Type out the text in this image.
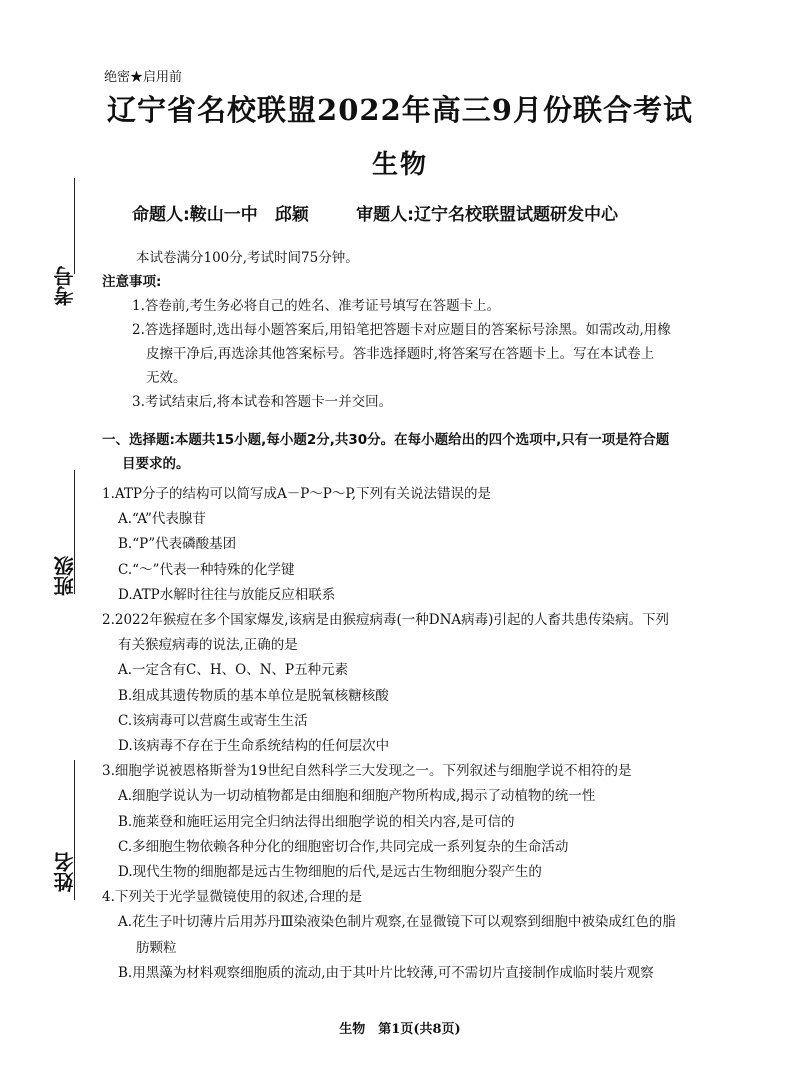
考号
班级
姓名
绝密★启用前
辽宁省名校联盟2022年高三9月份联合考试
生物
命题人:鞍山一中　邱颖	审题人:辽宁名校联盟试题研发中心
本试卷满分100分,考试时间75分钟。
注意事项:
1.答卷前,考生务必将自己的姓名、准考证号填写在答题卡上。
2.答选择题时,选出每小题答案后,用铅笔把答题卡对应题目的答案标号涂黑。如需改动,用橡
皮擦干净后,再选涂其他答案标号。答非选择题时,将答案写在答题卡上。写在本试卷上
无效。
3.考试结束后,将本试卷和答题卡一并交回。
一、选择题:本题共15小题,每小题2分,共30分。在每小题给出的四个选项中,只有一项是符合题
目要求的。
1.ATP分子的结构可以简写成A－P～P～P,下列有关说法错误的是
A.“A”代表腺苷
B.“P”代表磷酸基团
C.“～”代表一种特殊的化学键
D.ATP水解时往往与放能反应相联系
2.2022年猴痘在多个国家爆发,该病是由猴痘病毒(一种DNA病毒)引起的人畜共患传染病。下列
有关猴痘病毒的说法,正确的是
A.一定含有C、H、O、N、P五种元素
B.组成其遗传物质的基本单位是脱氧核糖核酸
C.该病毒可以营腐生或寄生生活
D.该病毒不存在于生命系统结构的任何层次中
3.细胞学说被恩格斯誉为19世纪自然科学三大发现之一。下列叙述与细胞学说不相符的是
A.细胞学说认为一切动植物都是由细胞和细胞产物所构成,揭示了动植物的统一性
B.施莱登和施旺运用完全归纳法得出细胞学说的相关内容,是可信的
C.多细胞生物依赖各种分化的细胞密切合作,共同完成一系列复杂的生命活动
D.现代生物的细胞都是远古生物细胞的后代,是远古生物细胞分裂产生的
4.下列关于光学显微镜使用的叙述,合理的是
A.花生子叶切薄片后用苏丹Ⅲ染液染色制片观察,在显微镜下可以观察到细胞中被染成红色的脂
肪颗粒
B.用黑藻为材料观察细胞质的流动,由于其叶片比较薄,可不需切片直接制作成临时装片观察
生物　第1页(共8页)
